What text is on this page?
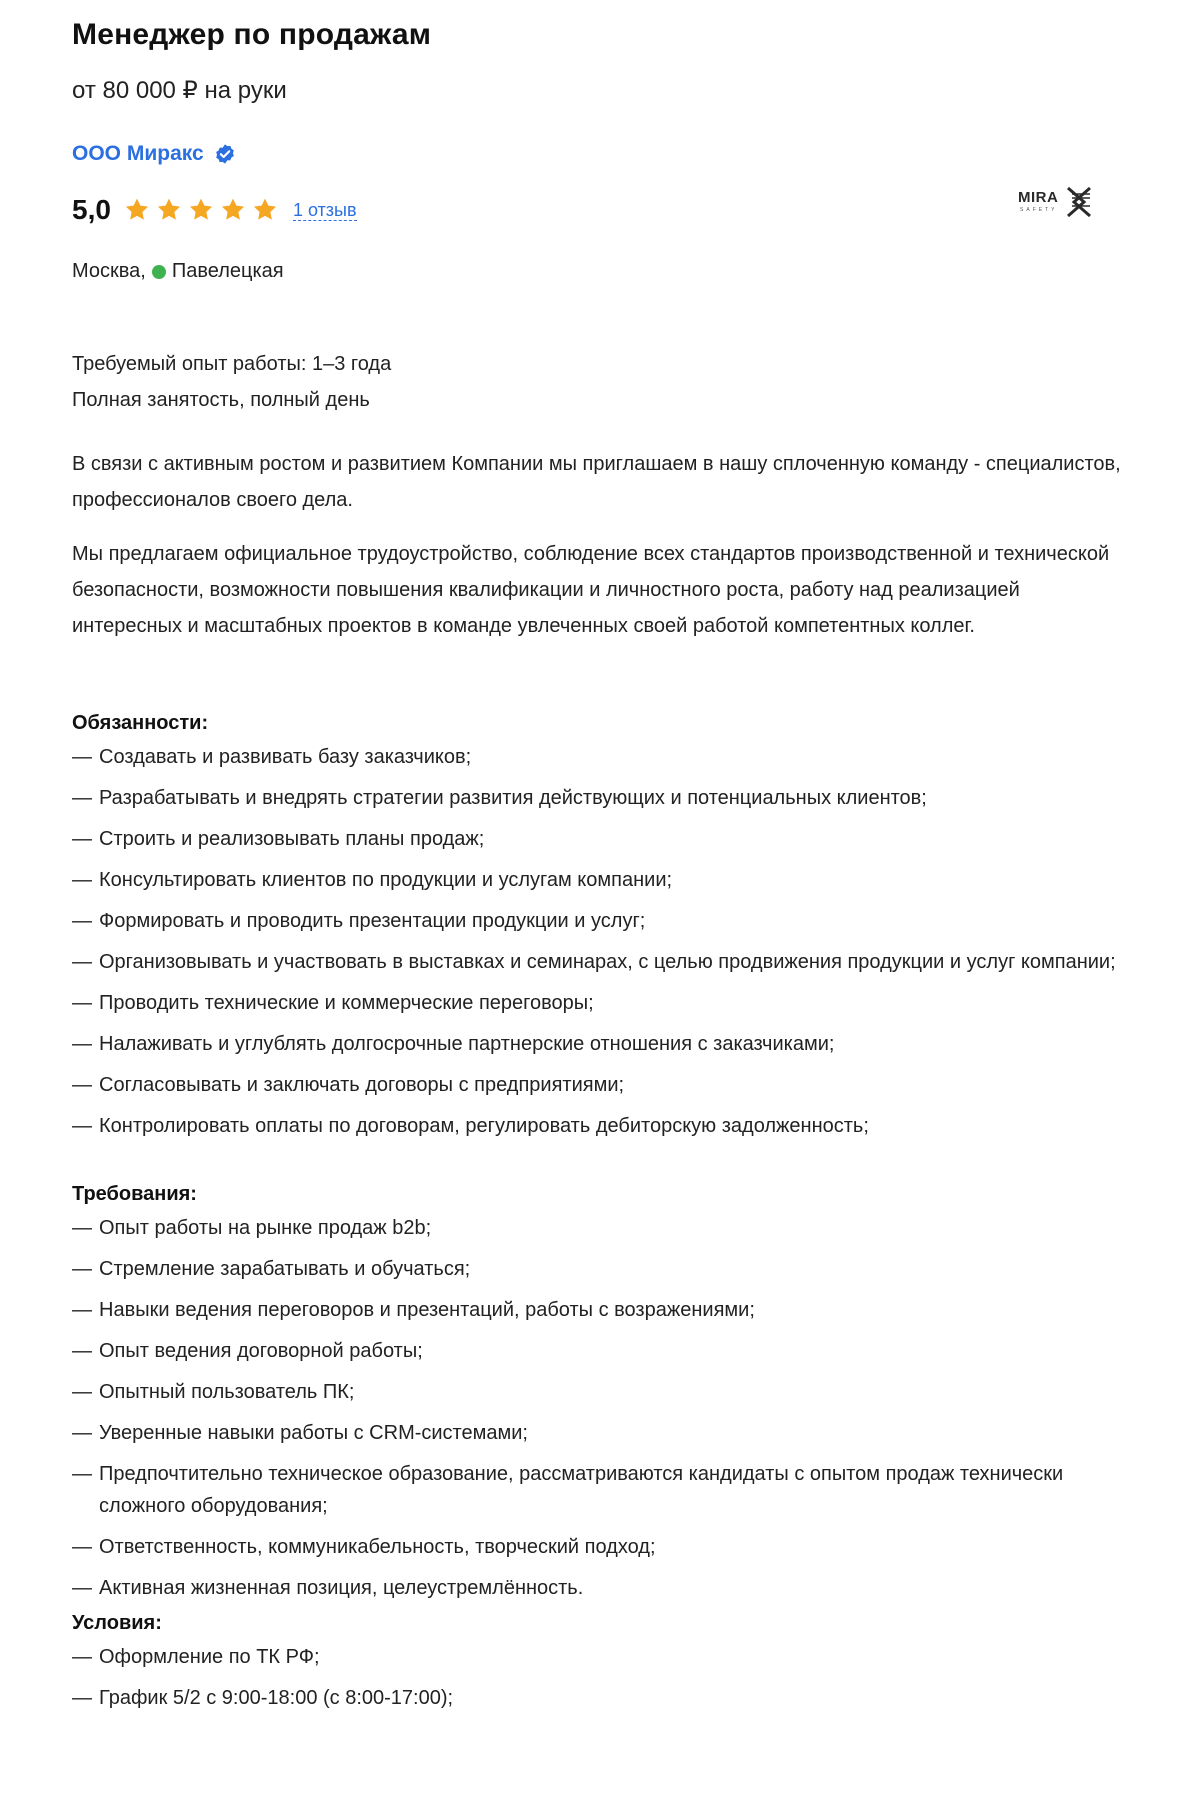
Менеджер по продажам
от 80 000 ₽ на руки
ООО Миракс
5,0	1 отзыв
MIRA
SAFETY
Москва, Павелецкая
Требуемый опыт работы: 1–3 года
Полная занятость, полный день

В связи с активным ростом и развитием Компании мы приглашаем в нашу сплоченную команду - специалистов, профессионалов своего дела.

Мы предлагаем официальное трудоустройство, соблюдение всех стандартов производственной и технической безопасности, возможности повышения квалификации и личностного роста, работу над реализацией интересных и масштабных проектов в команде увлеченных своей работой компетентных коллег.

Обязанности:
— Создавать и развивать базу заказчиков;
— Разрабатывать и внедрять стратегии развития действующих и потенциальных клиентов;
— Строить и реализовывать планы продаж;
— Консультировать клиентов по продукции и услугам компании;
— Формировать и проводить презентации продукции и услуг;
— Организовывать и участвовать в выставках и семинарах, с целью продвижения продукции и услуг компании;
— Проводить технические и коммерческие переговоры;
— Налаживать и углублять долгосрочные партнерские отношения с заказчиками;
— Согласовывать и заключать договоры с предприятиями;
— Контролировать оплаты по договорам, регулировать дебиторскую задолженность;
Требования:
— Опыт работы на рынке продаж b2b;
— Стремление зарабатывать и обучаться;
— Навыки ведения переговоров и презентаций, работы с возражениями;
— Опыт ведения договорной работы;
— Опытный пользователь ПК;
— Уверенные навыки работы с CRM-системами;
— Предпочтительно техническое образование, рассматриваются кандидаты с опытом продаж технически сложного оборудования;
— Ответственность, коммуникабельность, творческий подход;
— Активная жизненная позиция, целеустремлённость.
Условия:
— Оформление по ТК РФ;
— График 5/2 с 9:00-18:00 (с 8:00-17:00);
